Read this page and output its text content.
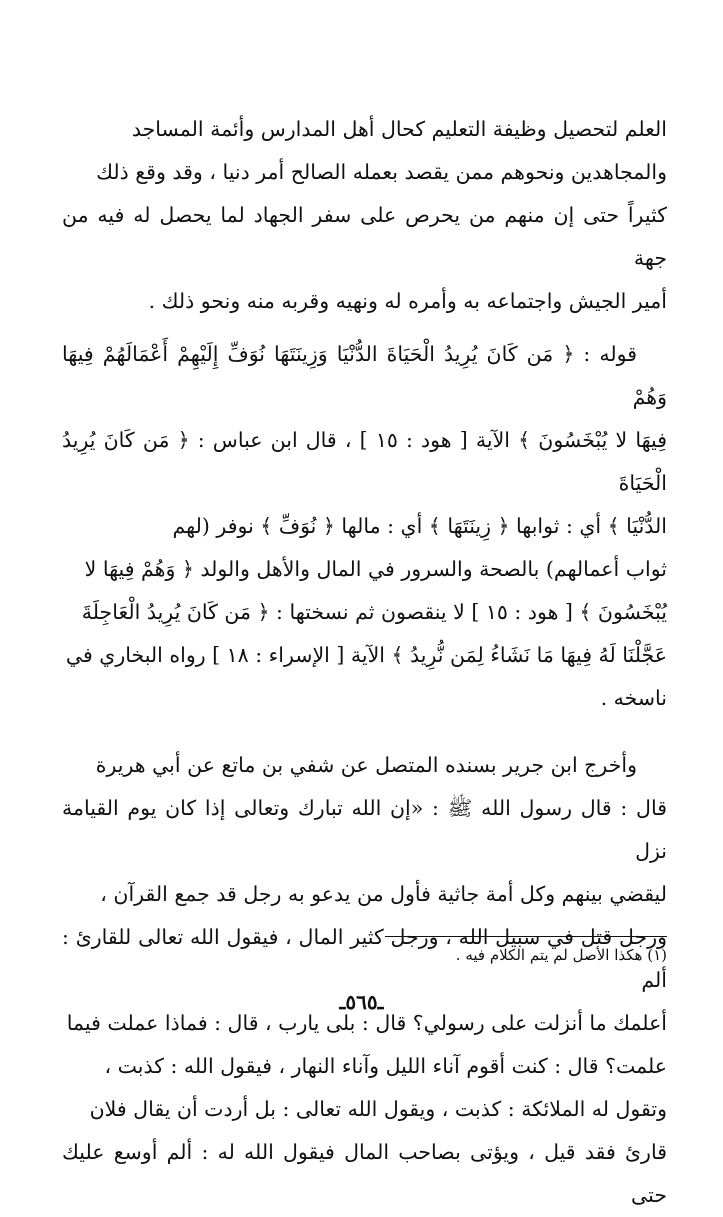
العلم لتحصيل وظيفة التعليم كحال أهل المدارس وأئمة المساجد

والمجاهدين ونحوهم ممن يقصد بعمله الصالح أمر دنيا ، وقد وقع ذلك

كثيراً حتى إن منهم من يحرص على سفر الجهاد لما يحصل له فيه من جهة

أمير الجيش واجتماعه به وأمره له ونهيه وقربه منه ونحو ذلك .

قوله : ﴿ مَن كَانَ يُرِيدُ الْحَيَاةَ الدُّنْيَا وَزِينَتَهَا نُوَفِّ إِلَيْهِمْ أَعْمَالَهُمْ فِيهَا وَهُمْ

فِيهَا لا يُبْخَسُونَ ﴾ الآية [ هود : ١٥ ] ، قال ابن عباس : ﴿ مَن كَانَ يُرِيدُ الْحَيَاةَ

الدُّنْيَا ﴾ أي : ثوابها ﴿ زِينَتَهَا ﴾ أي : مالها ﴿ نُوَفِّ ﴾ نوفر (لهم

ثواب أعمالهم) بالصحة والسرور في المال والأهل والولد ﴿ وَهُمْ فِيهَا لا

يُبْخَسُونَ ﴾ [ هود : ١٥ ] لا ينقصون ثم نسختها : ﴿ مَن كَانَ يُرِيدُ الْعَاجِلَةَ

عَجَّلْنَا لَهُ فِيهَا مَا نَشَاءُ لِمَن نُّرِيدُ ﴾ الآية [ الإسراء : ١٨ ] رواه البخاري في

ناسخه .

وأخرج ابن جرير بسنده المتصل عن شفي بن ماتع عن أبي هريرة

قال : قال رسول الله ﷺ : «إن الله تبارك وتعالى إذا كان يوم القيامة نزل

ليقضي بينهم وكل أمة جاثية فأول من يدعو به رجل قد جمع القرآن ،

ورجل قتل في سبيل الله ، ورجل كثير المال ، فيقول الله تعالى للقارئ : ألم

أعلمك ما أنزلت على رسولي؟ قال : بلى يارب ، قال : فماذا عملت فيما

علمت؟ قال : كنت أقوم آناء الليل وآناء النهار ، فيقول الله : كذبت ،

وتقول له الملائكة : كذبت ، ويقول الله تعالى : بل أردت أن يقال فلان

قارئ فقد قيل ، ويؤتى بصاحب المال فيقول الله له : ألم أوسع عليك حتى

(١) هكذا الأصل لم يتم الكلام فيه .
ـ٥٦٥ـ
